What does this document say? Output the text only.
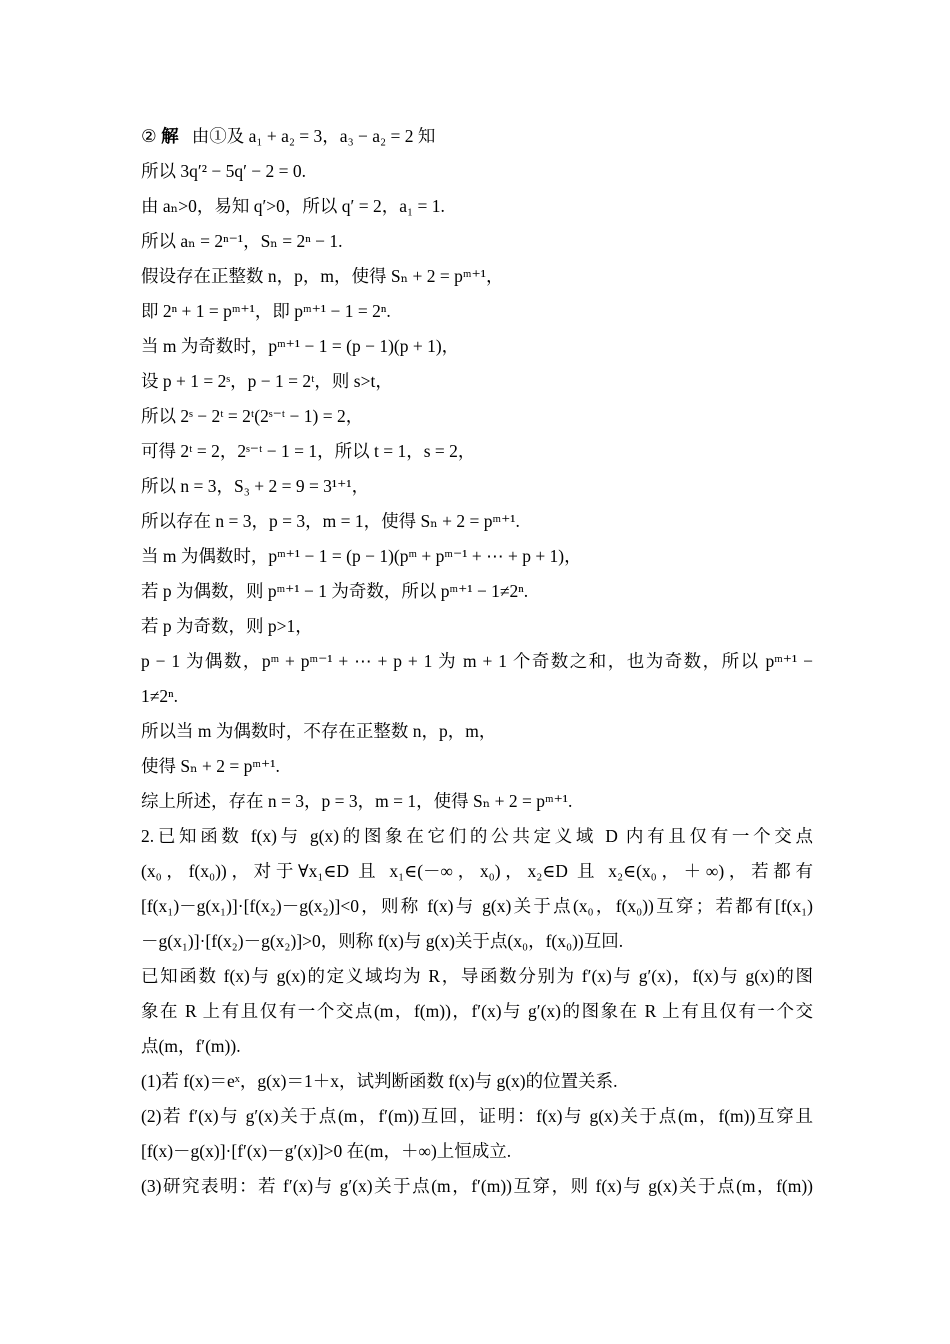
② 解 由①及 a₁ + a₂ = 3，a₃ − a₂ = 2 知
所以 3q′² − 5q′ − 2 = 0.
由 aₙ>0，易知 q′>0，所以 q′ = 2，a₁ = 1.
所以 aₙ = 2ⁿ⁻¹，Sₙ = 2ⁿ − 1.
假设存在正整数 n，p，m，使得 Sₙ + 2 = pᵐ⁺¹，
即 2ⁿ + 1 = pᵐ⁺¹，即 pᵐ⁺¹ − 1 = 2ⁿ.
当 m 为奇数时，pᵐ⁺¹ − 1 = (p − 1)(p + 1)，
设 p + 1 = 2ˢ，p − 1 = 2ᵗ，则 s>t，
所以 2ˢ − 2ᵗ = 2ᵗ(2ˢ⁻ᵗ − 1) = 2，
可得 2ᵗ = 2，2ˢ⁻ᵗ − 1 = 1，所以 t = 1，s = 2，
所以 n = 3，S₃ + 2 = 9 = 3¹⁺¹，
所以存在 n = 3，p = 3，m = 1，使得 Sₙ + 2 = pᵐ⁺¹.
当 m 为偶数时，pᵐ⁺¹ − 1 = (p − 1)(pᵐ + pᵐ⁻¹ + ⋯ + p + 1)，
若 p 为偶数，则 pᵐ⁺¹ − 1 为奇数，所以 pᵐ⁺¹ − 1≠2ⁿ.
若 p 为奇数，则 p>1，
p − 1 为偶数，pᵐ + pᵐ⁻¹ + ⋯ + p + 1 为 m + 1 个奇数之和，也为奇数，所以 pᵐ⁺¹ −
1≠2ⁿ.
所以当 m 为偶数时，不存在正整数 n，p，m，
使得 Sₙ + 2 = pᵐ⁺¹.
综上所述，存在 n = 3，p = 3，m = 1，使得 Sₙ + 2 = pᵐ⁺¹.
2.已知函数 f(x)与 g(x)的图象在它们的公共定义域 D 内有且仅有一个交点
(x₀，f(x₀))，对于∀x₁∈D 且 x₁∈(－∞，x₀)，x₂∈D 且 x₂∈(x₀，＋∞)，若都有
[f(x₁)－g(x₁)]·[f(x₂)－g(x₂)]<0，则称 f(x)与 g(x)关于点(x₀，f(x₀))互穿；若都有[f(x₁)
－g(x₁)]·[f(x₂)－g(x₂)]>0，则称 f(x)与 g(x)关于点(x₀，f(x₀))互回.
已知函数 f(x)与 g(x)的定义域均为 R，导函数分别为 f′(x)与 g′(x)，f(x)与 g(x)的图
象在 R 上有且仅有一个交点(m，f(m))，f′(x)与 g′(x)的图象在 R 上有且仅有一个交
点(m，f′(m)).
(1)若 f(x)＝eˣ，g(x)＝1＋x，试判断函数 f(x)与 g(x)的位置关系.
(2)若 f′(x)与 g′(x)关于点(m，f′(m))互回，证明：f(x)与 g(x)关于点(m，f(m))互穿且
[f(x)－g(x)]·[f′(x)－g′(x)]>0 在(m，＋∞)上恒成立.
(3)研究表明：若 f′(x)与 g′(x)关于点(m，f′(m))互穿，则 f(x)与 g(x)关于点(m，f(m))
